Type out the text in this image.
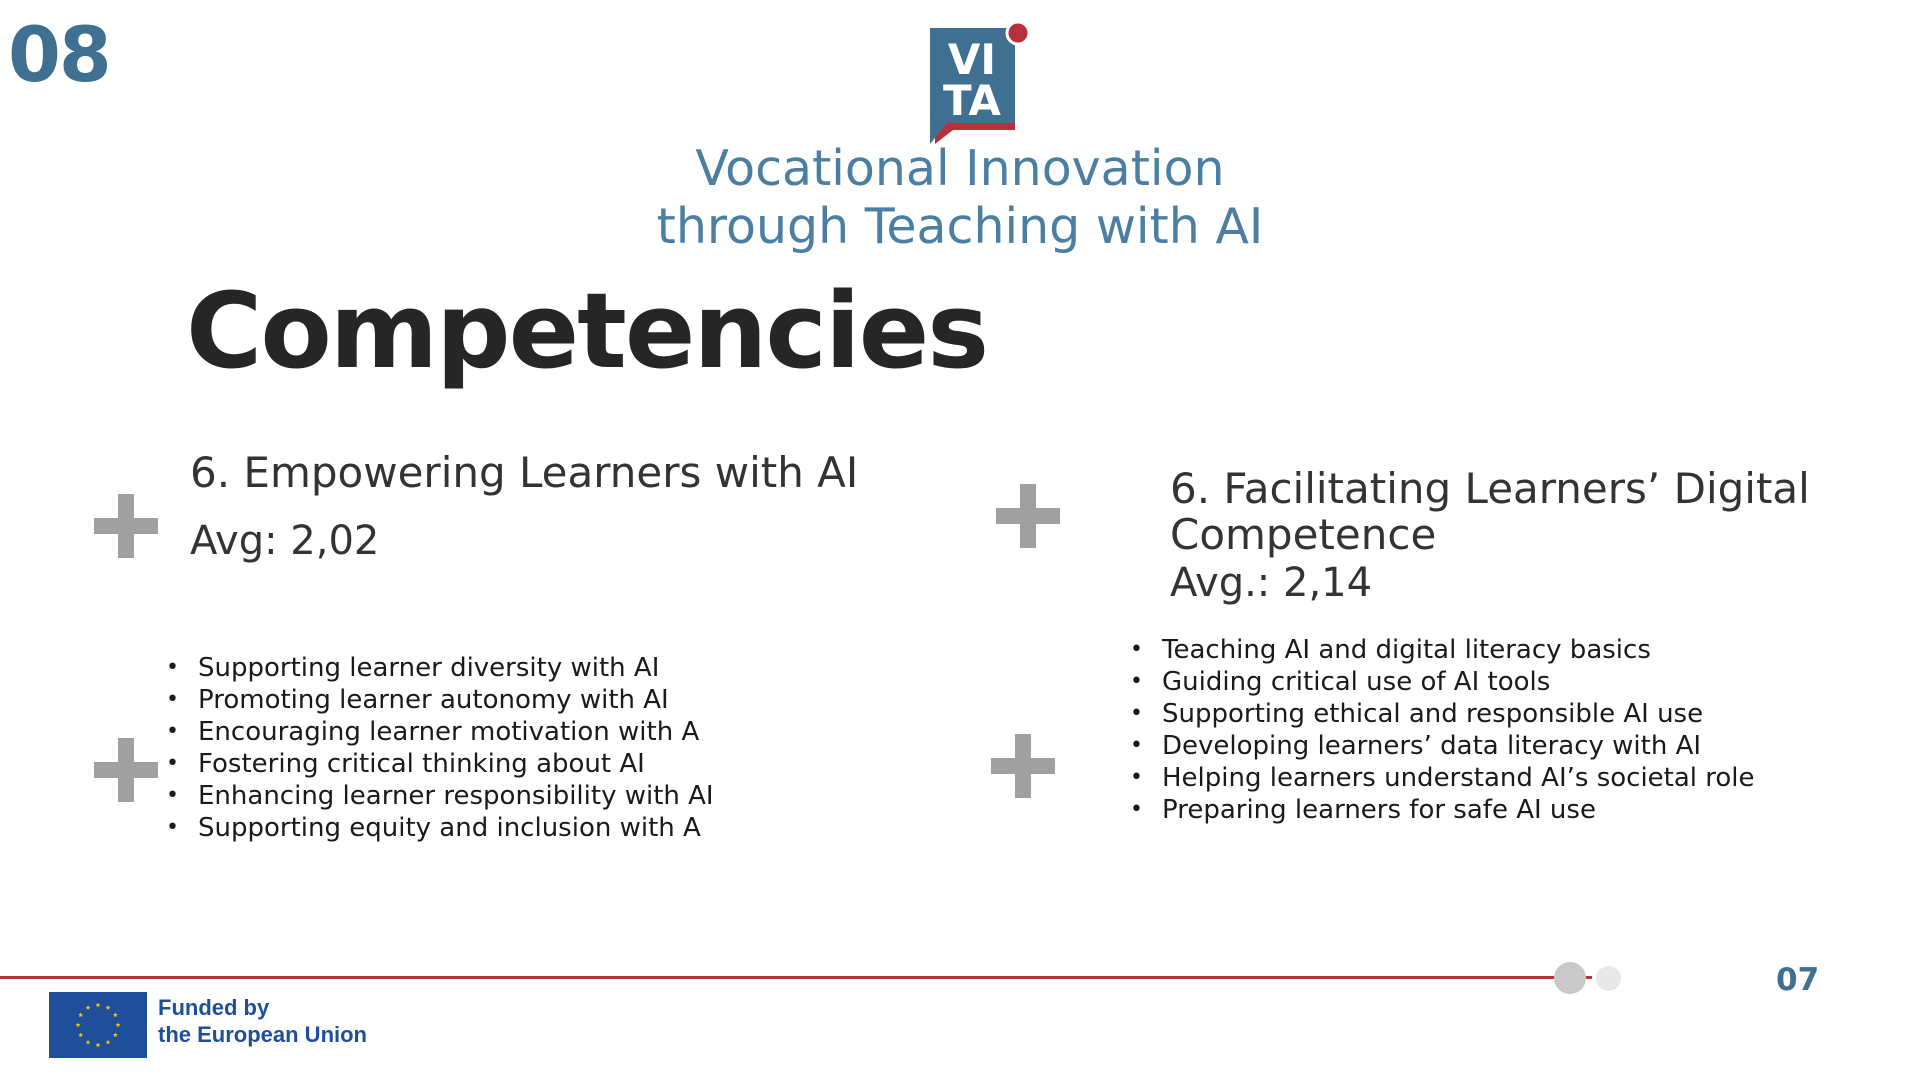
08	VI
TA
Vocational Innovation
through Teaching with AI
Competencies
6. Empowering Learners with AI
Avg: 2,02
• Supporting learner diversity with AI
• Promoting learner autonomy with AI
• Encouraging learner motivation with A
• Fostering critical thinking about AI
• Enhancing learner responsibility with AI
• Supporting equity and inclusion with A
6. Facilitating Learners’ Digital
Competence
Avg.: 2,14
• Teaching AI and digital literacy basics
• Guiding critical use of AI tools
• Supporting ethical and responsible AI use
• Developing learners’ data literacy with AI
• Helping learners understand AI’s societal role
• Preparing learners for safe AI use
07
Funded by
the European Union
